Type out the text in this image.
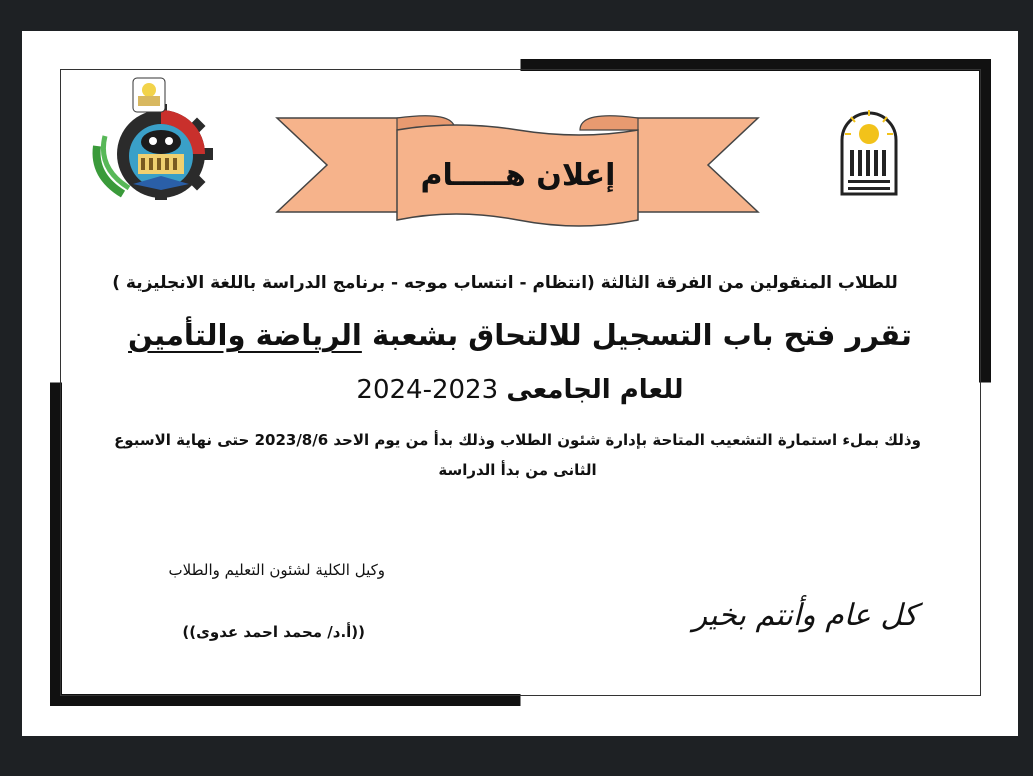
إعلان هـــــام
للطلاب المنقولين من الفرقة الثالثة (انتظام - انتساب موجه - برنامج الدراسة باللغة الانجليزية )
تقرر فتح باب التسجيل للالتحاق بشعبة الرياضة والتأمين
للعام الجامعى 2024-2023
وذلك بملء استمارة التشعيب المتاحة بإدارة شئون الطلاب وذلك بدأ من يوم الاحد 2023/8/6 حتى نهاية الاسبوع الثانى من بدأ الدراسة
وكيل الكلية لشئون التعليم والطلاب
((أ.د/ محمد احمد عدوى))	كل عام وأنتم بخير
